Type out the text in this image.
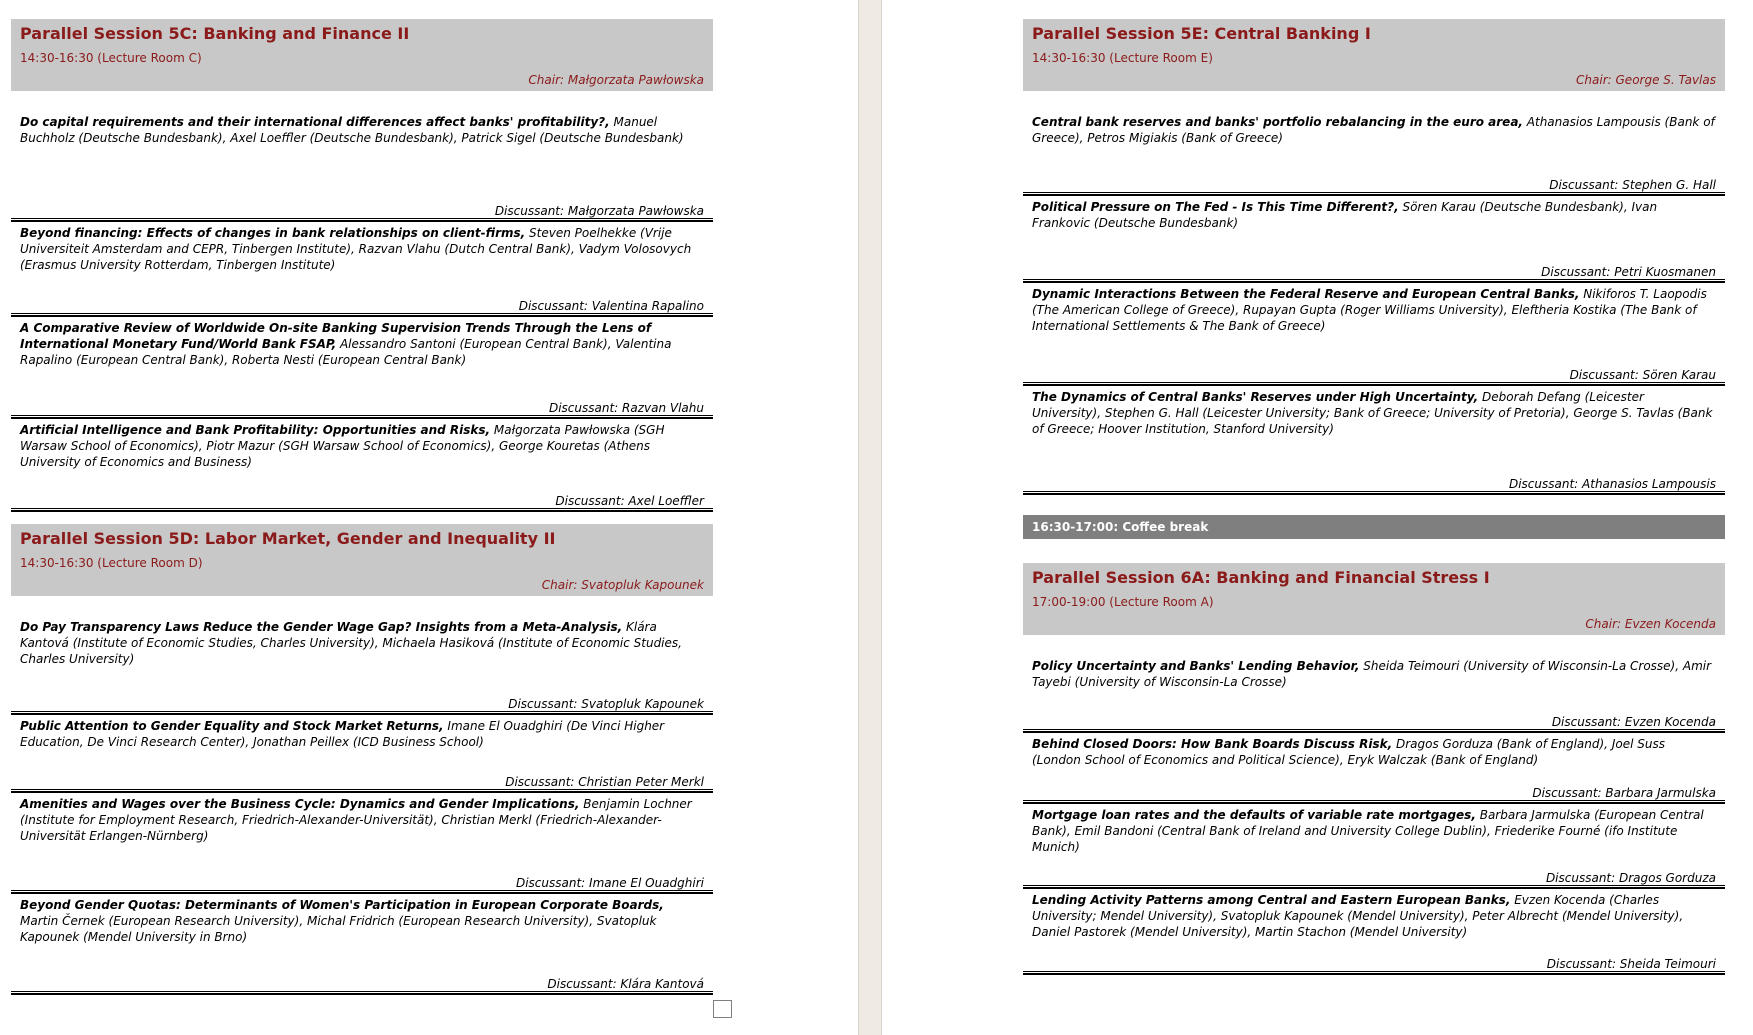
Parallel Session 5C: Banking and Finance II
14:30-16:30 (Lecture Room C)
Chair: Małgorzata Pawłowska
Do capital requirements and their international differences affect banks' profitability?, Manuel Buchholz (Deutsche Bundesbank), Axel Loeffler (Deutsche Bundesbank), Patrick Sigel (Deutsche Bundesbank)
Discussant: Małgorzata Pawłowska
Beyond financing: Effects of changes in bank relationships on client-firms, Steven Poelhekke (Vrije Universiteit Amsterdam and CEPR, Tinbergen Institute), Razvan Vlahu (Dutch Central Bank), Vadym Volosovych (Erasmus University Rotterdam, Tinbergen Institute)
Discussant: Valentina Rapalino
A Comparative Review of Worldwide On-site Banking Supervision Trends Through the Lens of International Monetary Fund/World Bank FSAP, Alessandro Santoni (European Central Bank), Valentina Rapalino (European Central Bank), Roberta Nesti (European Central Bank)
Discussant: Razvan Vlahu
Artificial Intelligence and Bank Profitability: Opportunities and Risks, Małgorzata Pawłowska (SGH Warsaw School of Economics), Piotr Mazur (SGH Warsaw School of Economics), George Kouretas (Athens University of Economics and Business)
Discussant: Axel Loeffler
Parallel Session 5D: Labor Market, Gender and Inequality II
14:30-16:30 (Lecture Room D)
Chair: Svatopluk Kapounek
Do Pay Transparency Laws Reduce the Gender Wage Gap? Insights from a Meta-Analysis, Klára Kantová (Institute of Economic Studies, Charles University), Michaela Hasiková (Institute of Economic Studies, Charles University)
Discussant: Svatopluk Kapounek
Public Attention to Gender Equality and Stock Market Returns, Imane El Ouadghiri (De Vinci Higher Education, De Vinci Research Center), Jonathan Peillex (ICD Business School)
Discussant: Christian Peter Merkl
Amenities and Wages over the Business Cycle: Dynamics and Gender Implications, Benjamin Lochner (Institute for Employment Research, Friedrich-Alexander-Universität), Christian Merkl (Friedrich-Alexander-Universität Erlangen-Nürnberg)
Discussant: Imane El Ouadghiri
Beyond Gender Quotas: Determinants of Women's Participation in European Corporate Boards, Martin Černek (European Research University), Michal Fridrich (European Research University), Svatopluk Kapounek (Mendel University in Brno)
Discussant: Klára Kantová
Parallel Session 5E: Central Banking I
14:30-16:30 (Lecture Room E)
Chair: George S. Tavlas
Central bank reserves and banks' portfolio rebalancing in the euro area, Athanasios Lampousis (Bank of Greece), Petros Migiakis (Bank of Greece)
Discussant: Stephen G. Hall
Political Pressure on The Fed - Is This Time Different?, Sören Karau (Deutsche Bundesbank), Ivan Frankovic (Deutsche Bundesbank)
Discussant: Petri Kuosmanen
Dynamic Interactions Between the Federal Reserve and European Central Banks, Nikiforos T. Laopodis (The American College of Greece), Rupayan Gupta (Roger Williams University), Eleftheria Kostika (The Bank of International Settlements & The Bank of Greece)
Discussant: Sören Karau
The Dynamics of Central Banks' Reserves under High Uncertainty, Deborah Defang (Leicester University), Stephen G. Hall (Leicester University; Bank of Greece; University of Pretoria), George S. Tavlas (Bank of Greece; Hoover Institution, Stanford University)
Discussant: Athanasios Lampousis
16:30-17:00: Coffee break
Parallel Session 6A: Banking and Financial Stress I
17:00-19:00 (Lecture Room A)
Chair: Evzen Kocenda
Policy Uncertainty and Banks' Lending Behavior, Sheida Teimouri (University of Wisconsin-La Crosse), Amir Tayebi (University of Wisconsin-La Crosse)
Discussant: Evzen Kocenda
Behind Closed Doors: How Bank Boards Discuss Risk, Dragos Gorduza (Bank of England), Joel Suss (London School of Economics and Political Science), Eryk Walczak (Bank of England)
Discussant: Barbara Jarmulska
Mortgage loan rates and the defaults of variable rate mortgages, Barbara Jarmulska (European Central Bank), Emil Bandoni (Central Bank of Ireland and University College Dublin), Friederike Fourné (ifo Institute Munich)
Discussant: Dragos Gorduza
Lending Activity Patterns among Central and Eastern European Banks, Evzen Kocenda (Charles University; Mendel University), Svatopluk Kapounek (Mendel University), Peter Albrecht (Mendel University), Daniel Pastorek (Mendel University), Martin Stachon (Mendel University)
Discussant: Sheida Teimouri
